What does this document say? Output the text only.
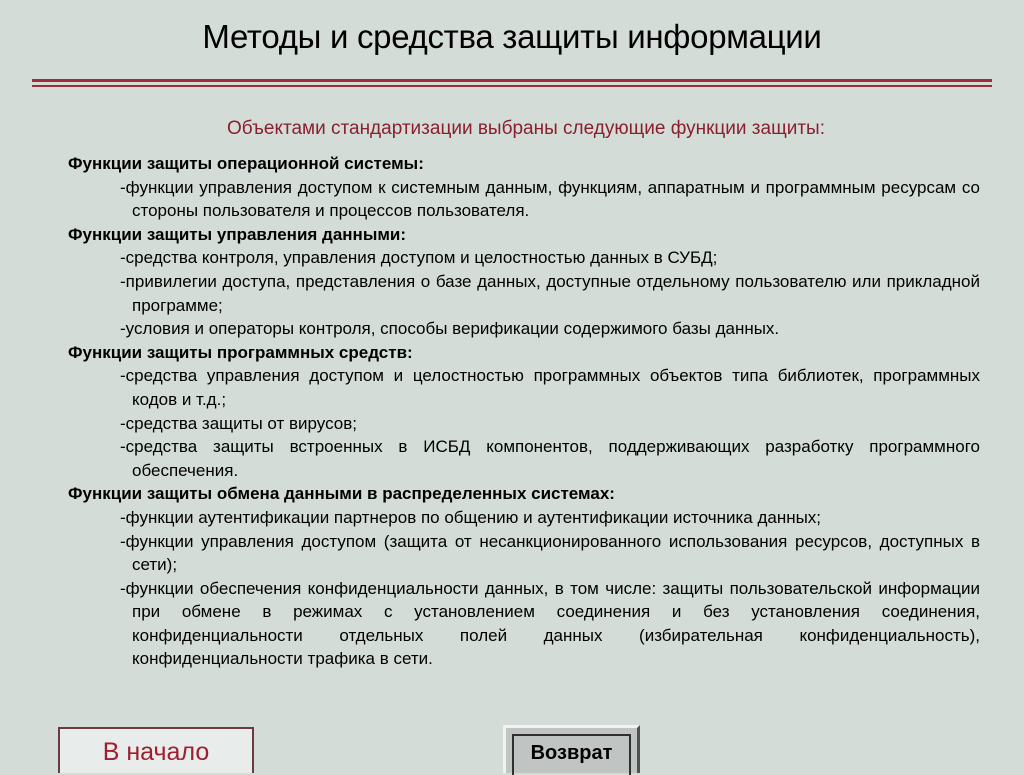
Методы и средства защиты информации
Объектами стандартизации выбраны следующие функции защиты:
Функции защиты операционной системы:
-функции управления доступом к системным данным, функциям, аппаратным и программным ресурсам со стороны пользователя и процессов пользователя.
Функции защиты управления данными:
-средства контроля, управления доступом и целостностью данных в СУБД;
-привилегии доступа, представления о базе данных, доступные отдельному пользователю или прикладной программе;
-условия и операторы контроля, способы верификации содержимого базы данных.
Функции защиты программных средств:
-средства управления доступом и целостностью программных объектов типа библиотек, программных кодов и т.д.;
-средства защиты от вирусов;
-средства защиты встроенных в ИСБД компонентов, поддерживающих разработку программного обеспечения.
Функции защиты обмена данными в распределенных системах:
-функции аутентификации партнеров по общению и аутентификации источника данных;
-функции управления доступом (защита от несанкционированного использования ресурсов, доступных в сети);
-функции обеспечения конфиденциальности данных, в том числе: защиты пользовательской информации при обмене в режимах с установлением соединения и без установления соединения, конфиденциальности отдельных полей данных (избирательная конфиденциальность), конфиденциальности трафика в сети.
В начало	Возврат
